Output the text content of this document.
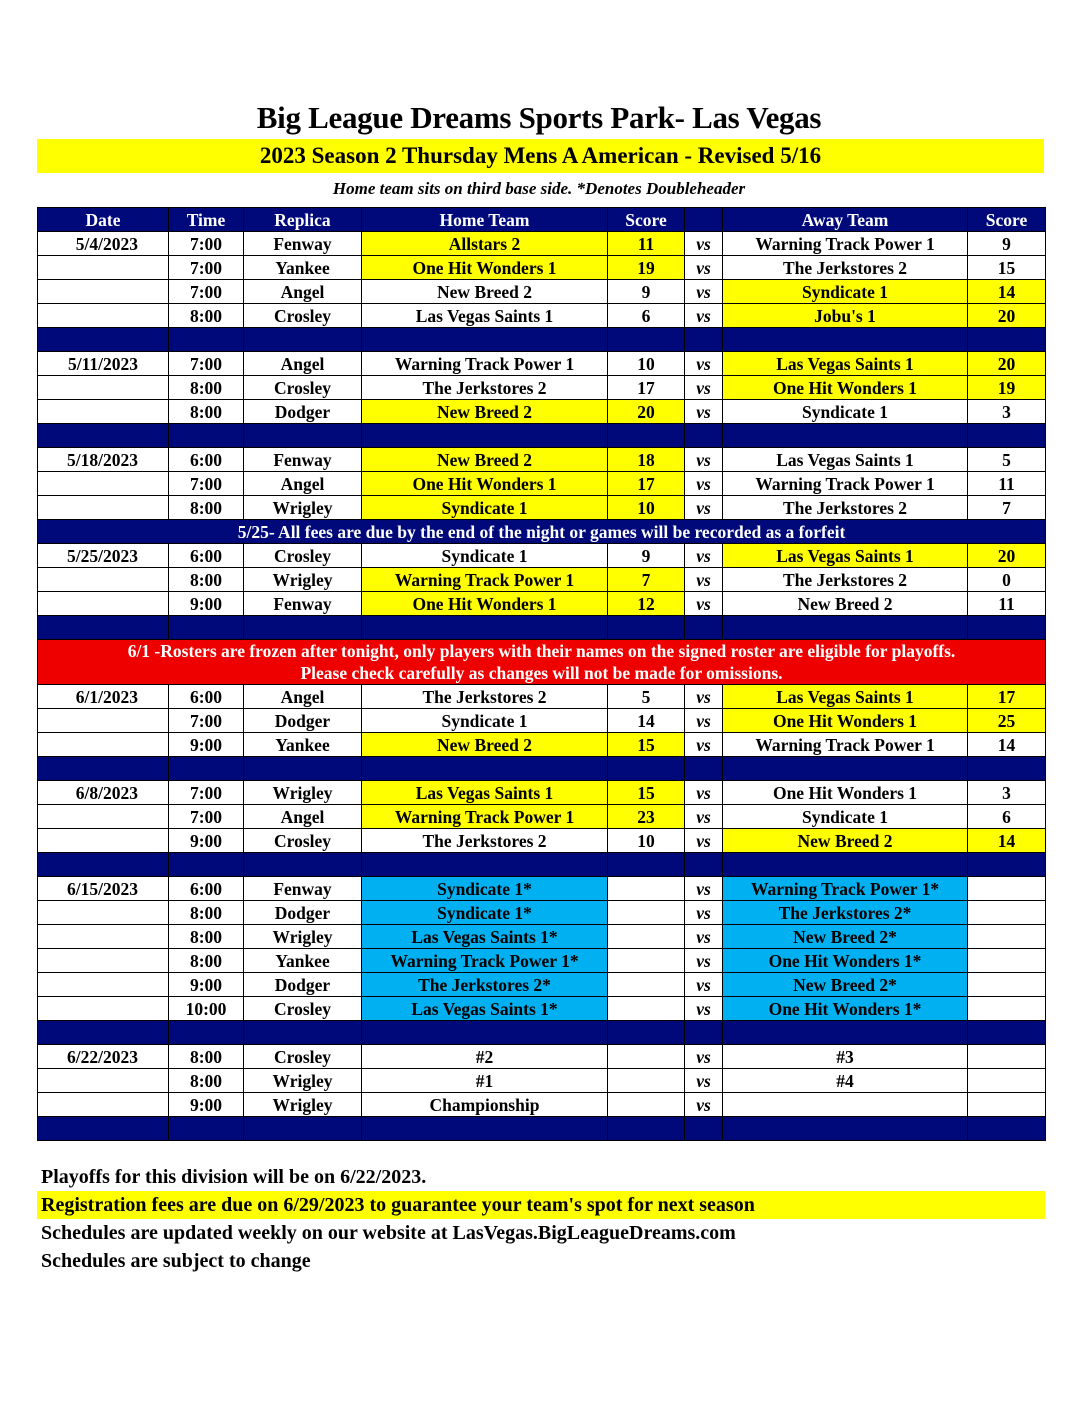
Big League Dreams Sports Park- Las Vegas
2023 Season 2 Thursday Mens A American - Revised 5/16
Home team sits on third base side. *Denotes Doubleheader
Date	Time	Replica	Home Team	Score		Away Team	Score
5/4/2023	7:00	Fenway	Allstars 2	11	vs	Warning Track Power 1	9
	7:00	Yankee	One Hit Wonders 1	19	vs	The Jerkstores 2	15
	7:00	Angel	New Breed 2	9	vs	Syndicate 1	14
	8:00	Crosley	Las Vegas Saints 1	6	vs	Jobu's 1	20

5/11/2023	7:00	Angel	Warning Track Power 1	10	vs	Las Vegas Saints 1	20
	8:00	Crosley	The Jerkstores 2	17	vs	One Hit Wonders 1	19
	8:00	Dodger	New Breed 2	20	vs	Syndicate 1	3

5/18/2023	6:00	Fenway	New Breed 2	18	vs	Las Vegas Saints 1	5
	7:00	Angel	One Hit Wonders 1	17	vs	Warning Track Power 1	11
	8:00	Wrigley	Syndicate 1	10	vs	The Jerkstores 2	7

5/25- All fees are due by the end of the night or games will be recorded as a forfeit							

5/25/2023	6:00	Crosley	Syndicate 1	9	vs	Las Vegas Saints 1	20
	8:00	Wrigley	Warning Track Power 1	7	vs	The Jerkstores 2	0
	9:00	Fenway	One Hit Wonders 1	12	vs	New Breed 2	11

6/1 -Rosters are frozen after tonight, only players with their names on the signed roster are eligible for playoffs.
Please check carefully as changes will not be made for omissions.							

6/1/2023	6:00	Angel	The Jerkstores 2	5	vs	Las Vegas Saints 1	17
	7:00	Dodger	Syndicate 1	14	vs	One Hit Wonders 1	25
	9:00	Yankee	New Breed 2	15	vs	Warning Track Power 1	14

6/8/2023	7:00	Wrigley	Las Vegas Saints 1	15	vs	One Hit Wonders 1	3
	7:00	Angel	Warning Track Power 1	23	vs	Syndicate 1	6
	9:00	Crosley	The Jerkstores 2	10	vs	New Breed 2	14

6/15/2023	6:00	Fenway	Syndicate 1*		vs	Warning Track Power 1*	
	8:00	Dodger	Syndicate 1*		vs	The Jerkstores 2*	
	8:00	Wrigley	Las Vegas Saints 1*		vs	New Breed 2*	
	8:00	Yankee	Warning Track Power 1*		vs	One Hit Wonders 1*	
	9:00	Dodger	The Jerkstores 2*		vs	New Breed 2*	
	10:00	Crosley	Las Vegas Saints 1*		vs	One Hit Wonders 1*	

6/22/2023	8:00	Crosley	#2		vs	#3	
	8:00	Wrigley	#1		vs	#4	
	9:00	Wrigley	Championship		vs		

Playoffs for this division will be on 6/22/2023.
Registration fees are due on 6/29/2023 to guarantee your team's spot for next season
Schedules are updated weekly on our website at LasVegas.BigLeagueDreams.com
Schedules are subject to change
